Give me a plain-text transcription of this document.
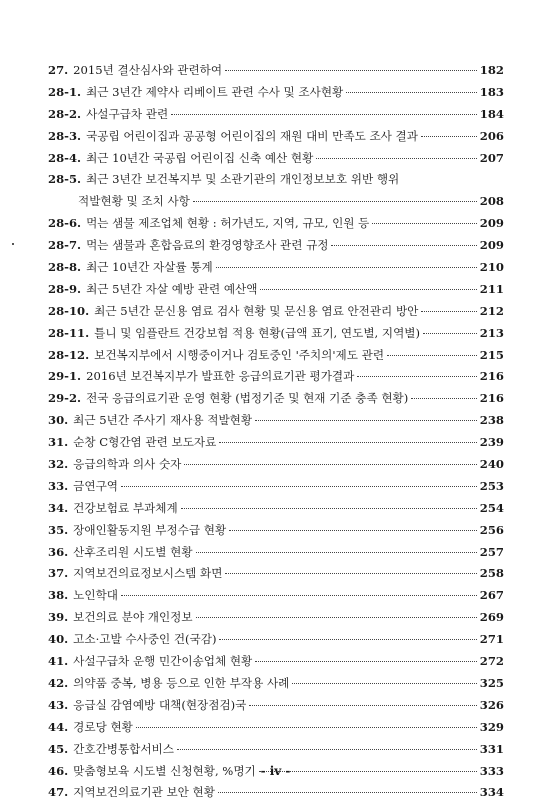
27. 2015년 결산심사와 관련하여	182
28-1. 최근 3년간 제약사 리베이트 관련 수사 및 조사현황	183
28-2. 사설구급차 관련	184
28-3. 국공립 어린이집과 공공형 어린이집의 재원 대비 만족도 조사 결과	206
28-4. 최근 10년간 국공립 어린이집 신축 예산 현황	207
28-5. 최근 3년간 보건복지부 및 소관기관의 개인정보보호 위반 행위
적발현황 및 조치 사항	208
28-6. 먹는 샘물 제조업체 현황 : 허가년도, 지역, 규모, 인원 등	209
28-7. 먹는 샘물과 혼합음료의 환경영향조사 관련 규정	209
28-8. 최근 10년간 자살률 통계	210
28-9. 최근 5년간 자살 예방 관련 예산액	211
28-10. 최근 5년간 문신용 염료 검사 현황 및 문신용 염료 안전관리 방안	212
28-11. 틀니 및 임플란트 건강보험 적용 현황(급액 표기, 연도별, 지역별)	213
28-12. 보건복지부에서 시행중이거나 검토중인 '주치의'제도 관련	215
29-1. 2016년 보건복지부가 발표한 응급의료기관 평가결과	216
29-2. 전국 응급의료기관 운영 현황 (법정기준 및 현재 기준 충족 현황)	216
30. 최근 5년간 주사기 재사용 적발현황	238
31. 순창 C형간염 관련 보도자료	239
32. 응급의학과 의사 숫자	240
33. 금연구역	253
34. 건강보험료 부과체계	254
35. 장애인활동지원 부정수급 현황	256
36. 산후조리원 시도별 현황	257
37. 지역보건의료정보시스템 화면	258
38. 노인학대	267
39. 보건의료 분야 개인정보	269
40. 고소·고발 수사중인 건(국감)	271
41. 사설구급차 운행 민간이송업체 현황	272
42. 의약품 중복, 병용 등으로 인한 부작용 사례	325
43. 응급실 감염예방 대책(현장점검)국	326
44. 경로당 현황	329
45. 간호간병통합서비스	331
46. 맞춤형보육 시도별 신청현황, %명기	333
47. 지역보건의료기관 보안 현황	334
- iv -
